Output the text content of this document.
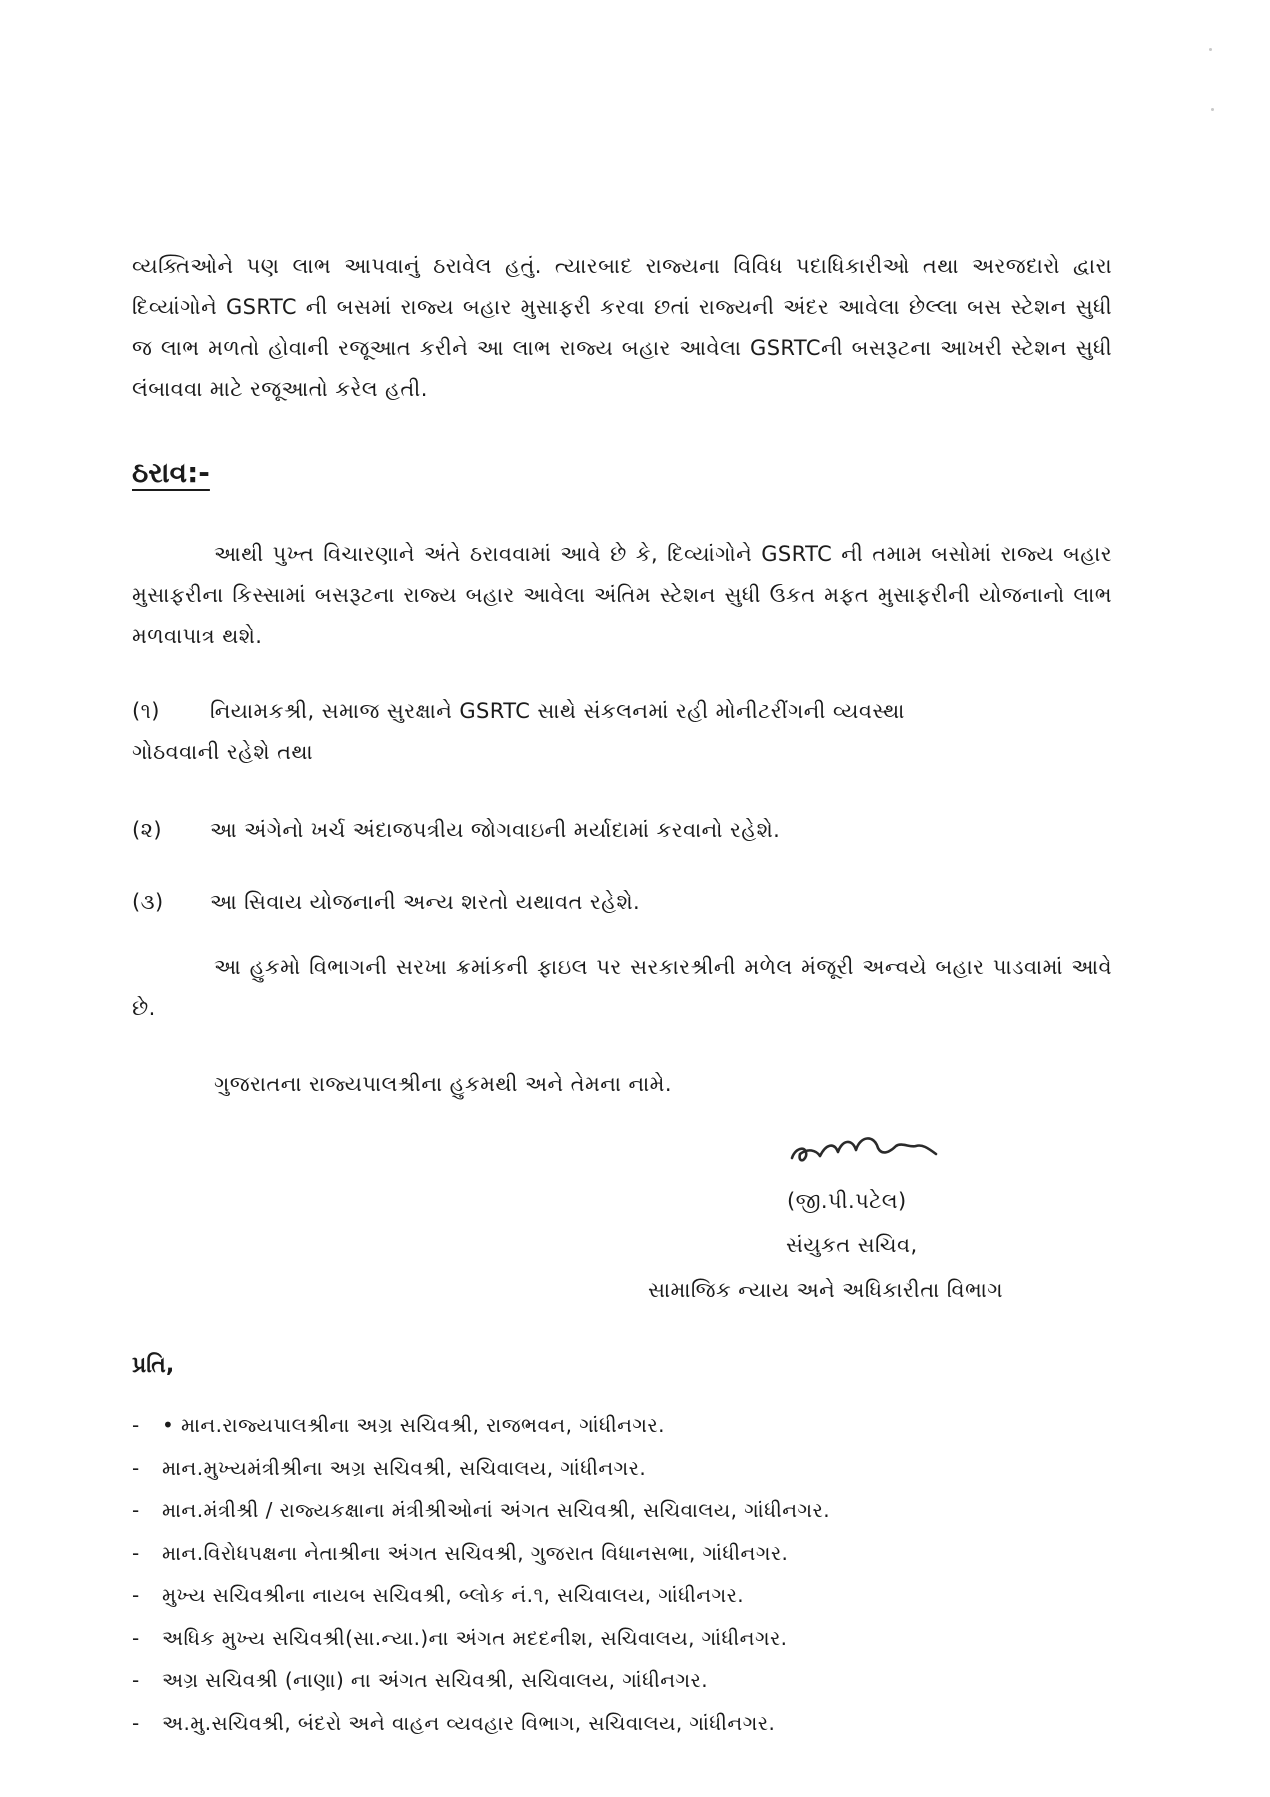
વ્યક્તિઓને પણ લાભ આપવાનું ઠરાવેલ હતું. ત્યારબાદ રાજ્યના વિવિધ પદાધિકારીઓ તથા અરજદારો દ્વારા દિવ્યાંગોને GSRTC ની બસમાં રાજ્ય બહાર મુસાફરી કરવા છતાં રાજ્યની અંદર આવેલા છેલ્લા બસ સ્ટેશન સુધી જ લાભ મળતો હોવાની રજૂઆત કરીને આ લાભ રાજ્ય બહાર આવેલા GSRTCની બસરૂટના આખરી સ્ટેશન સુધી લંબાવવા માટે રજૂઆતો કરેલ હતી.

ઠરાવ:-

આથી પુખ્ત વિચારણાને અંતે ઠરાવવામાં આવે છે કે, દિવ્યાંગોને GSRTC ની તમામ બસોમાં રાજ્ય બહાર મુસાફરીના કિસ્સામાં બસરૂટના રાજ્ય બહાર આવેલા અંતિમ સ્ટેશન સુધી ઉકત મફત મુસાફરીની યોજનાનો લાભ મળવાપાત્ર થશે.

(૧) નિયામકશ્રી, સમાજ સુરક્ષાને GSRTC સાથે સંકલનમાં રહી મોનીટરીંગની વ્યવસ્થા
ગોઠવવાની રહેશે તથા
(૨) આ અંગેનો ખર્ચ અંદાજપત્રીય જોગવાઇની મર્યાદામાં કરવાનો રહેશે.
(૩) આ સિવાય યોજનાની અન્ય શરતો યથાવત રહેશે.

આ હુકમો વિભાગની સરખા ક્રમાંકની ફાઇલ પર સરકારશ્રીની મળેલ મંજૂરી અન્વયે બહાર પાડવામાં આવે છે.

ગુજરાતના રાજ્યપાલશ્રીના હુકમથી અને તેમના નામે.

(જી.પી.પટેલ)

સંયુકત સચિવ,

સામાજિક ન્યાય અને અધિકારીતા વિભાગ

પ્રતિ,

- • માન.રાજ્યપાલશ્રીના અગ્ર સચિવશ્રી, રાજભવન, ગાંધીનગર.
- માન.મુખ્યમંત્રીશ્રીના અગ્ર સચિવશ્રી, સચિવાલય, ગાંધીનગર.
- માન.મંત્રીશ્રી / રાજ્યકક્ષાના મંત્રીશ્રીઓનાં અંગત સચિવશ્રી, સચિવાલય, ગાંધીનગર.
- માન.વિરોધપક્ષના નેતાશ્રીના અંગત સચિવશ્રી, ગુજરાત વિધાનસભા, ગાંધીનગર.
- મુખ્ય સચિવશ્રીના નાયબ સચિવશ્રી, બ્લોક નં.૧, સચિવાલય, ગાંધીનગર.
- અધિક મુખ્ય સચિવશ્રી(સા.ન્યા.)ના અંગત મદદનીશ, સચિવાલય, ગાંધીનગર.
- અગ્ર સચિવશ્રી (નાણા) ના અંગત સચિવશ્રી, સચિવાલય, ગાંધીનગર.
- અ.મુ.સચિવશ્રી, બંદરો અને વાહન વ્યવહાર વિભાગ, સચિવાલય, ગાંધીનગર.
